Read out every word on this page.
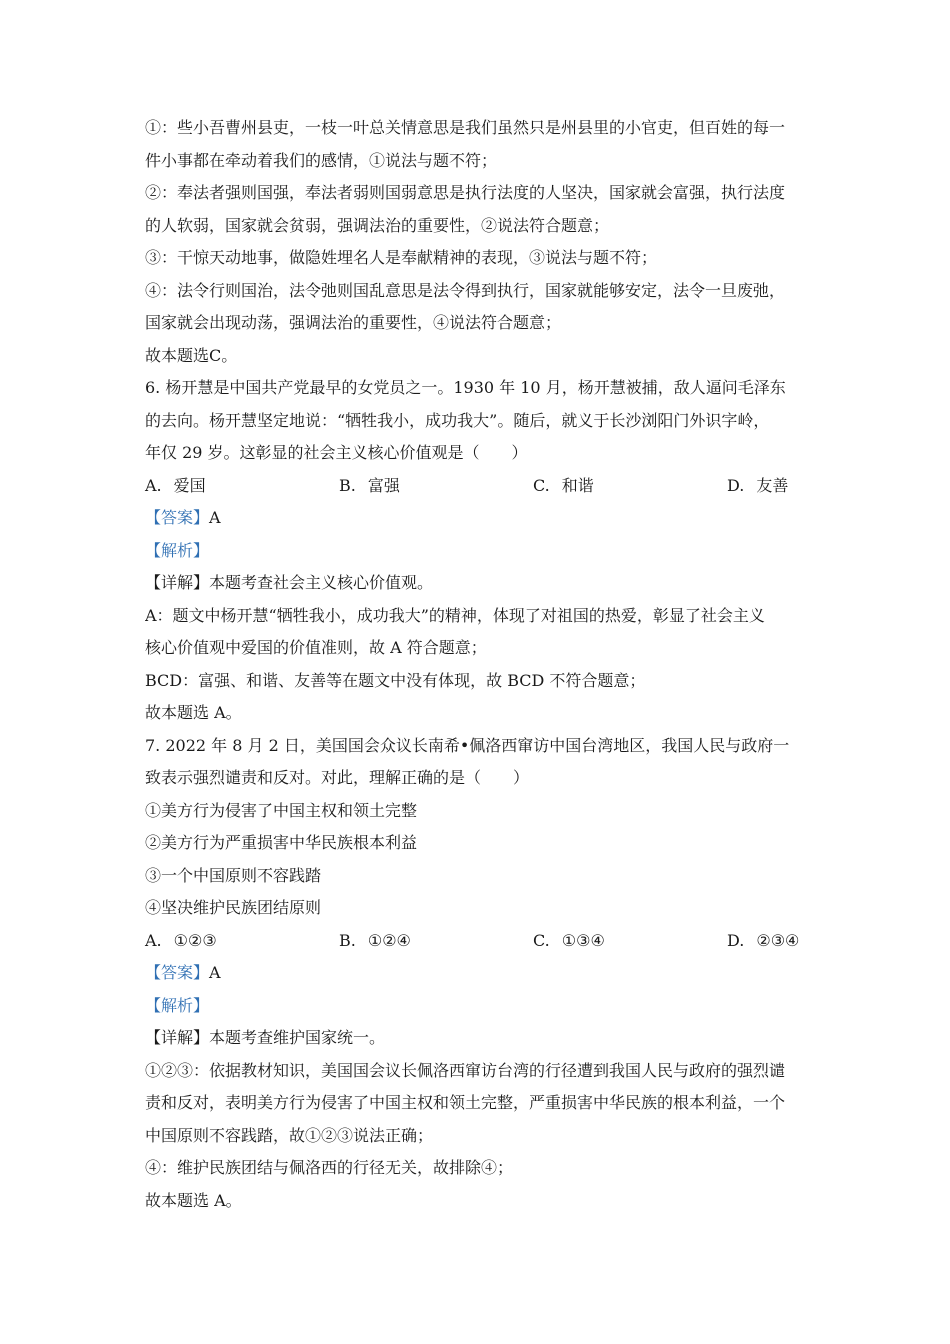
①：些小吾曹州县吏，一枝一叶总关情意思是我们虽然只是州县里的小官吏，但百姓的每一
件小事都在牵动着我们的感情，①说法与题不符；
②：奉法者强则国强，奉法者弱则国弱意思是执行法度的人坚决，国家就会富强，执行法度
的人软弱，国家就会贫弱，强调法治的重要性，②说法符合题意；
③：干惊天动地事，做隐姓埋名人是奉献精神的表现，③说法与题不符；
④：法令行则国治，法令弛则国乱意思是法令得到执行，国家就能够安定，法令一旦废弛，
国家就会出现动荡，强调法治的重要性，④说法符合题意；
故本题选C。
6. 杨开慧是中国共产党最早的女党员之一。1930 年 10 月，杨开慧被捕，敌人逼问毛泽东
的去向。杨开慧坚定地说：“牺牲我小，成功我大”。随后，就义于长沙浏阳门外识字岭，
年仅 29 岁。这彰显的社会主义核心价值观是（　　）
A. 爱国	B. 富强	C. 和谐	D. 友善
【答案】A
【解析】
【详解】本题考查社会主义核心价值观。
A：题文中杨开慧“牺牲我小，成功我大”的精神，体现了对祖国的热爱，彰显了社会主义
核心价值观中爱国的价值准则，故 A 符合题意；
BCD：富强、和谐、友善等在题文中没有体现，故 BCD 不符合题意；
故本题选 A。
7. 2022 年 8 月 2 日，美国国会众议长南希•佩洛西窜访中国台湾地区，我国人民与政府一
致表示强烈谴责和反对。对此，理解正确的是（　　）
①美方行为侵害了中国主权和领土完整
②美方行为严重损害中华民族根本利益
③一个中国原则不容践踏
④坚决维护民族团结原则
A. ①②③	B. ①②④	C. ①③④	D. ②③④
【答案】A
【解析】
【详解】本题考查维护国家统一。
①②③：依据教材知识，美国国会议长佩洛西窜访台湾的行径遭到我国人民与政府的强烈谴
责和反对，表明美方行为侵害了中国主权和领土完整，严重损害中华民族的根本利益，一个
中国原则不容践踏，故①②③说法正确；
④：维护民族团结与佩洛西的行径无关，故排除④；
故本题选 A。
